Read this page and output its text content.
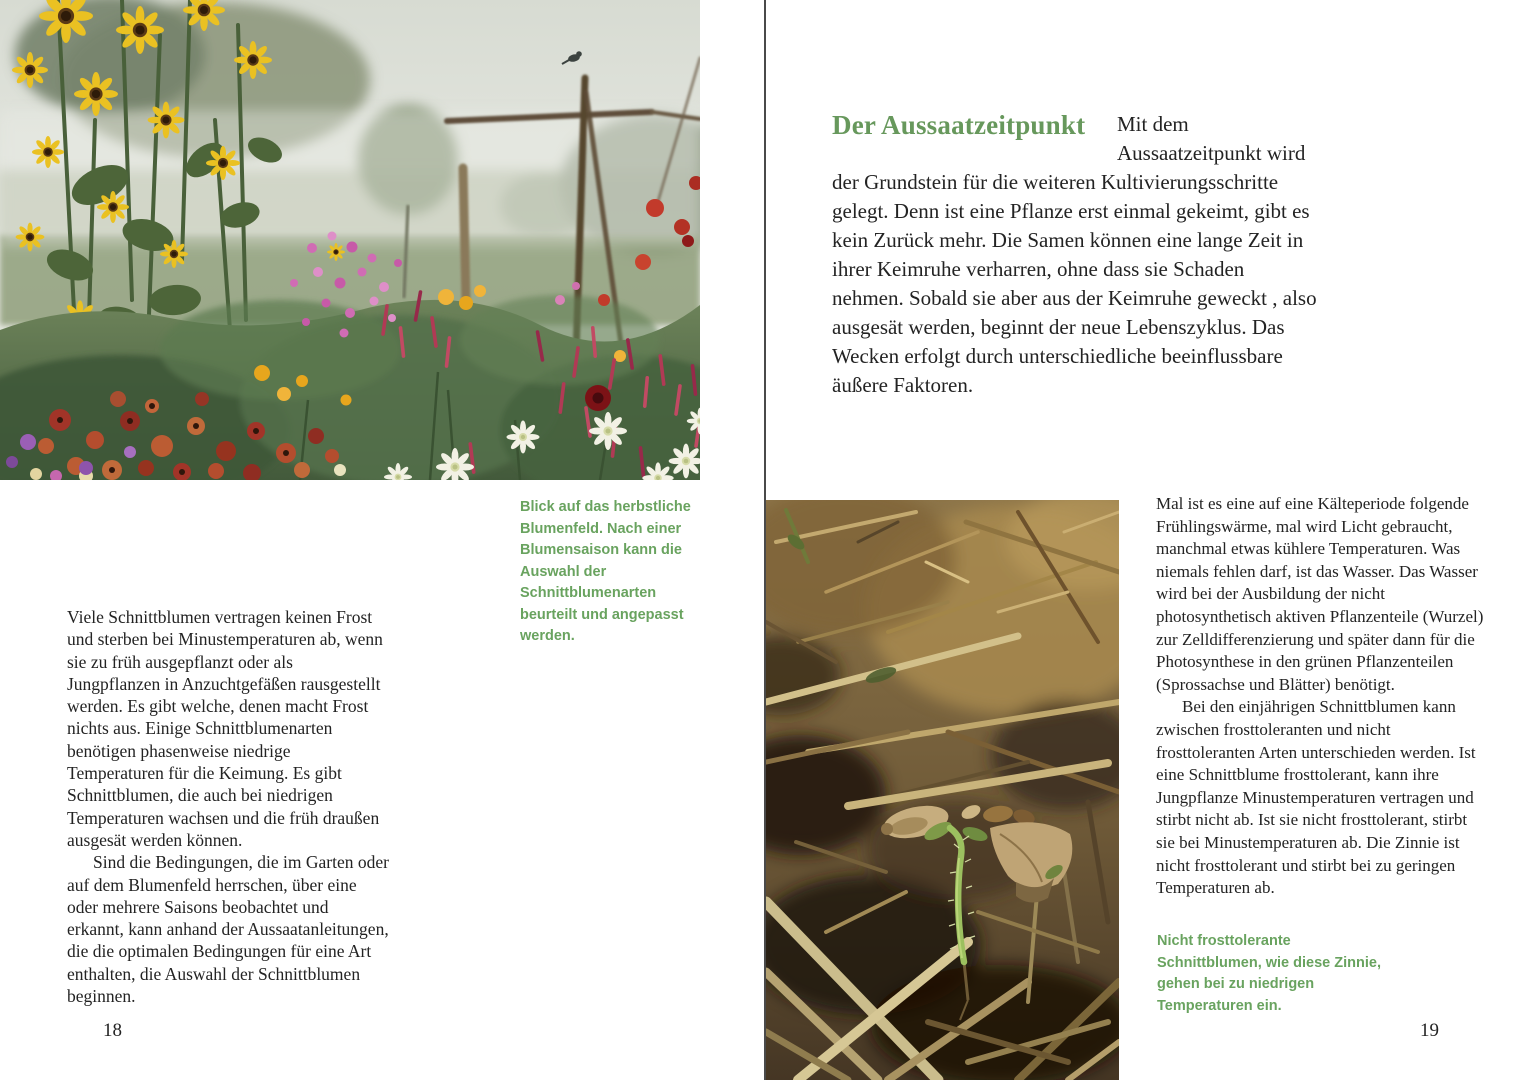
Blick auf das herbstliche Blumenfeld. Nach einer Blumensaison kann die Auswahl der Schnittblumenarten beurteilt und angepasst werden.
Viele Schnittblumen vertragen keinen Frost und sterben bei Minustemperaturen ab, wenn sie zu früh ausgepflanzt oder als Jungpflanzen in Anzuchtgefäßen rausgestellt werden. Es gibt welche, denen macht Frost nichts aus. Einige Schnittblumenarten benötigen phasenweise niedrige Temperaturen für die Keimung. Es gibt Schnittblumen, die auch bei niedrigen Temperaturen wachsen und die früh draußen ausgesät werden können.
Sind die Bedingungen, die im Garten oder auf dem Blumenfeld herrschen, über eine oder mehrere Saisons beobachtet und erkannt, kann anhand der Aussaatanleitungen, die die optimalen Bedingungen für eine Art enthalten, die Auswahl der Schnittblumen beginnen.
18
Der Aussaatzeitpunkt	Mit dem Aussaatzeitpunkt wird der Grundstein für die weiteren Kultivierungsschritte gelegt. Denn ist eine Pflanze erst einmal gekeimt, gibt es kein Zurück mehr. Die Samen können eine lange Zeit in ihrer Keimruhe verharren, ohne dass sie Schaden nehmen. Sobald sie aber aus der Keimruhe geweckt , also ausgesät werden, beginnt der neue Lebenszyklus. Das Wecken erfolgt durch unterschiedliche beeinflussbare äußere Faktoren.
Mal ist es eine auf eine Kälteperiode folgende Frühlingswärme, mal wird Licht gebraucht, manchmal etwas kühlere Temperaturen. Was niemals fehlen darf, ist das Wasser. Das Wasser wird bei der Ausbildung der nicht photosynthetisch aktiven Pflanzenteile (Wurzel) zur Zelldifferenzierung und später dann für die Photosynthese in den grünen Pflanzenteilen (Sprossachse und Blätter) benötigt.
Bei den einjährigen Schnittblumen kann zwischen frosttoleranten und nicht frosttoleranten Arten unterschieden werden. Ist eine Schnittblume frosttolerant, kann ihre Jungpflanze Minustemperaturen vertragen und stirbt nicht ab. Ist sie nicht frosttolerant, stirbt sie bei Minustemperaturen ab. Die Zinnie ist nicht frosttolerant und stirbt bei zu geringen Temperaturen ab.
Nicht frosttolerante Schnittblumen, wie diese Zinnie, gehen bei zu niedrigen Temperaturen ein.
19
